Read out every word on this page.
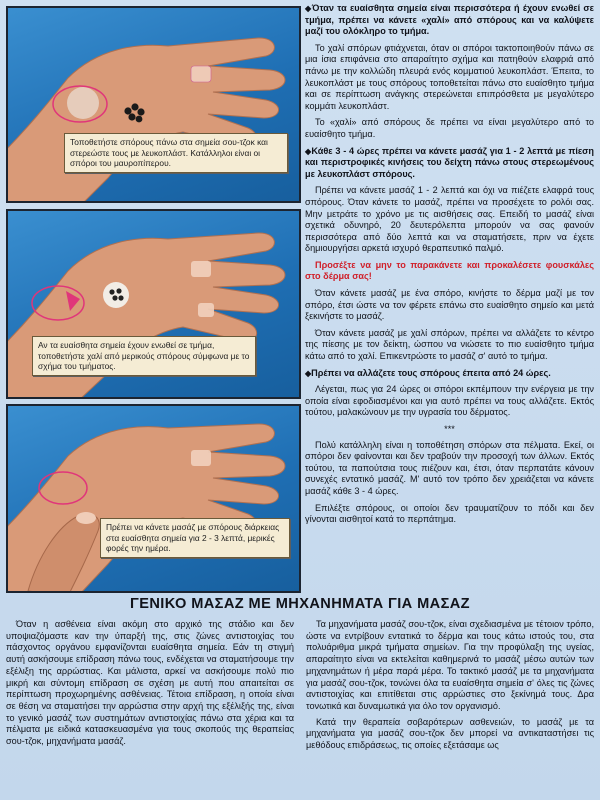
Τοποθετήστε σπόρους πάνω στα σημεία σου-τζοκ και στερεώστε τους με λευκοπλάστ. Κατάλληλοι είναι οι σπόροι του μαυροπίπερου.
Αν τα ευαίσθητα σημεία έχουν ενωθεί σε τμήμα, τοποθετήστε χαλί από μερικούς σπόρους σύμφωνα με το σχήμα του τμήματος.
Πρέπει να κάνετε μασάζ με σπόρους διάρκειας στα ευαίσθητα σημεία για 2 - 3 λεπτά, μερικές φορές την ημέρα.

◆ Όταν τα ευαίσθητα σημεία είναι περισσότερα ή έχουν ενωθεί σε τμήμα, πρέπει να κάνετε «χαλί» από σπόρους και να καλύψετε μαζί του ολόκληρο το τμήμα.

Το χαλί σπόρων φτιάχνεται, όταν οι σπόροι τακτοποιηθούν πάνω σε μια ίσια επιφάνεια στο απαραίτητο σχήμα και πατηθούν ελαφριά από πάνω με την κολλώδη πλευρά ενός κομματιού λευκοπλάστ. Έπειτα, το λευκοπλάστ με τους σπόρους τοποθετείται πάνω στο ευαίσθητο τμήμα και σε περίπτωση ανάγκης στερεώνεται επιπρόσθετα με μεγαλύτερο κομμάτι λευκοπλάστ.

Το «χαλί» από σπόρους δε πρέπει να είναι μεγαλύτερο από το ευαίσθητο τμήμα.

◆ Κάθε 3 - 4 ώρες πρέπει να κάνετε μασάζ για 1 - 2 λεπτά με πίεση και περιστροφικές κινήσεις του δείχτη πάνω στους στερεωμένους με λευκοπλάστ σπόρους.

Πρέπει να κάνετε μασάζ 1 - 2 λεπτά και όχι να πιέζετε ελαφρά τους σπόρους. Όταν κάνετε το μασάζ, πρέπει να προσέχετε το ρολόι σας. Μην μετράτε το χρόνο με τις αισθήσεις σας. Επειδή το μασάζ είναι σχετικά οδυνηρό, 20 δευτερόλεπτα μπορούν να σας φανούν περισσότερα από δύο λεπτά και να σταματήσετε, πριν να έχετε δημιουργήσει αρκετά ισχυρό θεραπευτικό παλμό.

Προσέξτε να μην το παρακάνετε και προκαλέσετε φουσκάλες στο δέρμα σας!

Όταν κάνετε μασάζ με ένα σπόρο, κινήστε το δέρμα μαζί με τον σπόρο, έτσι ώστε να τον φέρετε επάνω στο ευαίσθητο σημείο και μετά ξεκινήστε το μασάζ.

Όταν κάνετε μασάζ με χαλί σπόρων, πρέπει να αλλάζετε το κέντρο της πίεσης με τον δείκτη, ώσπου να νιώσετε το πιο ευαίσθητο τμήμα κάτω από το χαλί. Επικεντρώστε το μασάζ σ' αυτό το τμήμα.

◆ Πρέπει να αλλάζετε τους σπόρους έπειτα από 24 ώρες.

Λέγεται, πως για 24 ώρες οι σπόροι εκπέμπουν την ενέργεια με την οποία είναι εφοδιασμένοι και για αυτό πρέπει να τους αλλάζετε. Εκτός τούτου, μαλακώνουν με την υγρασία του δέρματος.

***

Πολύ κατάλληλη είναι η τοποθέτηση σπόρων στα πέλματα. Εκεί, οι σπόροι δεν φαίνονται και δεν τραβούν την προσοχή των άλλων. Εκτός τούτου, τα παπούτσια τους πιέζουν και, έτσι, όταν περπατάτε κάνουν συνεχές εντατικό μασάζ. Μ' αυτό τον τρόπο δεν χρειάζεται να κάνετε μασάζ κάθε 3 - 4 ώρες.

Επιλέξτε σπόρους, οι οποίοι δεν τραυματίζουν το πόδι και δεν γίνονται αισθητοί κατά το περπάτημα.

ΓΕΝΙΚΟ ΜΑΣΑΖ ΜΕ ΜΗΧΑΝΗΜΑΤΑ ΓΙΑ ΜΑΣΑΖ

Όταν η ασθένεια είναι ακόμη στο αρχικό της στάδιο και δεν υποψιαζόμαστε καν την ύπαρξή της, στις ζώνες αντιστοιχίας του πάσχοντος οργάνου εμφανίζονται ευαίσθητα σημεία. Εάν τη στιγμή αυτή ασκήσουμε επίδραση πάνω τους, ενδέχεται να σταματήσουμε την εξέλιξη της αρρώστιας. Και μάλιστα, αρκεί να ασκήσουμε πολύ πιο μικρή και σύντομη επίδραση σε σχέση με αυτή που απαιτείται σε περίπτωση προχωρημένης ασθένειας. Τέτοια επίδραση, η οποία είναι σε θέση να σταματήσει την αρρώστια στην αρχή της εξέλιξής της, είναι το γενικό μασάζ των συστημάτων αντιστοιχίας πάνω στα χέρια και τα πέλματα με ειδικά κατασκευασμένα για τους σκοπούς της θεραπείας σου-τζοκ, μηχανήματα μασάζ.

Τα μηχανήματα μασάζ σου-τζοκ, είναι σχεδιασμένα με τέτοιον τρόπο, ώστε να εντρίβουν εντατικά το δέρμα και τους κάτω ιστούς του, στα πολυάριθμα μικρά τμήματα σημείων. Για την προφύλαξη της υγείας, απαραίτητο είναι να εκτελείται καθημερινά το μασάζ μέσω αυτών των μηχανημάτων ή μέρα παρά μέρα. Το τακτικό μασάζ με τα μηχανήματα για μασάζ σου-τζοκ, τονώνει όλα τα ευαίσθητα σημεία σ' όλες τις ζώνες αντιστοιχίας και επιτίθεται στις αρρώστιες στο ξεκίνημά τους. Δρα τονωτικά και δυναμωτικά για όλο τον οργανισμό.

Κατά την θεραπεία σοβαρότερων ασθενειών, το μασάζ με τα μηχανήματα για μασάζ σου-τζοκ δεν μπορεί να αντικαταστήσει τις μεθόδους επιδράσεως, τις οποίες εξετάσαμε ως
